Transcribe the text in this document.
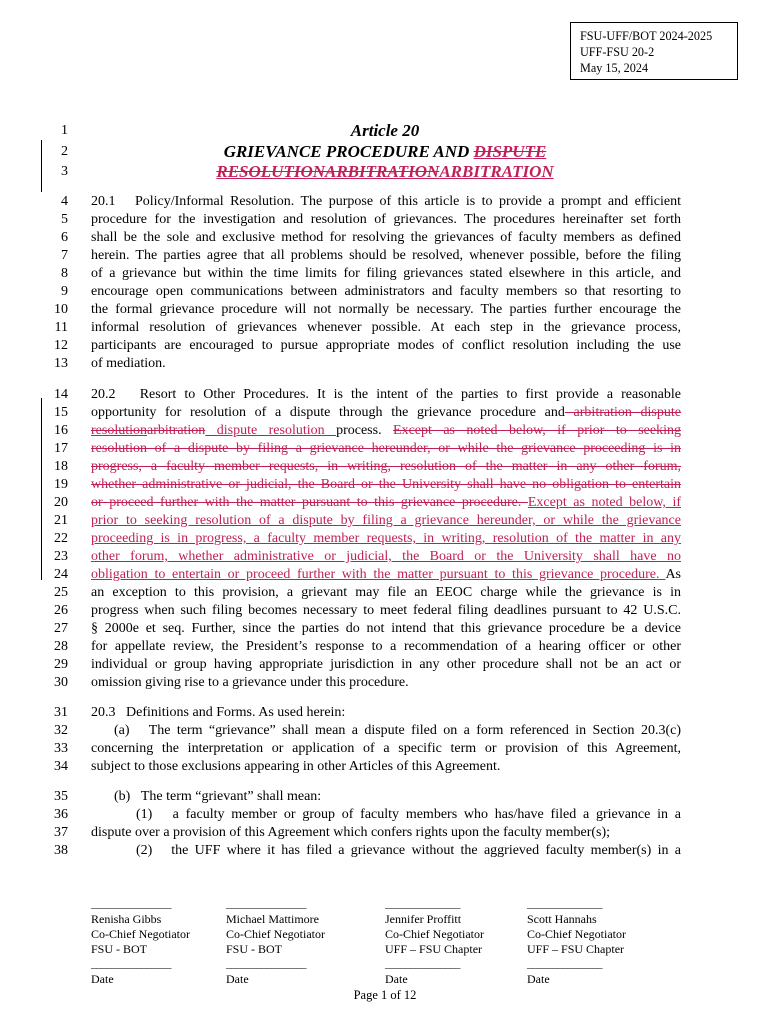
FSU-UFF/BOT 2024-2025
UFF-FSU 20-2
May 15, 2024
1
2
3
4
5
6
7
8
9
10
11
12
13
14
15
16
17
18
19
20
21
22
23
24
25
26
27
28
29
30
31
32
33
34
35
36
37
38
Article 20
GRIEVANCE PROCEDURE AND DISPUTE
RESOLUTIONARBITRATIONARBITRATION
20.1   Policy/Informal Resolution. The purpose of this article is to provide a prompt and efficient
procedure for the investigation and resolution of grievances. The procedures hereinafter set forth
shall be the sole and exclusive method for resolving the grievances of faculty members as defined
herein. The parties agree that all problems should be resolved, whenever possible, before the filing
of a grievance but within the time limits for filing grievances stated elsewhere in this article, and
encourage open communications between administrators and faculty members so that resorting to
the formal grievance procedure will not normally be necessary. The parties further encourage the
informal resolution of grievances whenever possible. At each step in the grievance process,
participants are encouraged to pursue appropriate modes of conflict resolution including the use
of mediation.
20.2   Resort to Other Procedures. It is the intent of the parties to first provide a reasonable
opportunity for resolution of a dispute through the grievance procedure and arbitration dispute
resolutionarbitration dispute resolution process. Except as noted below, if prior to seeking
resolution of a dispute by filing a grievance hereunder, or while the grievance proceeding is in
progress, a faculty member requests, in writing, resolution of the matter in any other forum,
whether administrative or judicial, the Board or the University shall have no obligation to entertain
or proceed further with the matter pursuant to this grievance procedure. Except as noted below, if
prior to seeking resolution of a dispute by filing a grievance hereunder, or while the grievance
proceeding is in progress, a faculty member requests, in writing, resolution of the matter in any
other forum, whether administrative or judicial, the Board or the University shall have no
obligation to entertain or proceed further with the matter pursuant to this grievance procedure. As
an exception to this provision, a grievant may file an EEOC charge while the grievance is in
progress when such filing becomes necessary to meet federal filing deadlines pursuant to 42 U.S.C.
§ 2000e et seq. Further, since the parties do not intend that this grievance procedure be a device
for appellate review, the President’s response to a recommendation of a hearing officer or other
individual or group having appropriate jurisdiction in any other procedure shall not be an act or
omission giving rise to a grievance under this procedure.
20.3   Definitions and Forms. As used herein:
(a)   The term “grievance” shall mean a dispute filed on a form referenced in Section 20.3(c)
concerning the interpretation or application of a specific term or provision of this Agreement,
subject to those exclusions appearing in other Articles of this Agreement.
(b)   The term “grievant” shall mean:
(1)   a faculty member or group of faculty members who has/have filed a grievance in a
dispute over a provision of this Agreement which confers rights upon the faculty member(s);
(2)   the UFF where it has filed a grievance without the aggrieved faculty member(s) in a
________________
Renisha Gibbs
Co-Chief Negotiator
FSU - BOT
________________
Date
________________
Michael Mattimore
Co-Chief Negotiator
FSU - BOT
________________
Date
_______________
Jennifer Proffitt
Co-Chief Negotiator
UFF – FSU Chapter
_______________
Date
_______________
Scott Hannahs
Co-Chief Negotiator
UFF – FSU Chapter
_______________
Date
Page 1 of 12
